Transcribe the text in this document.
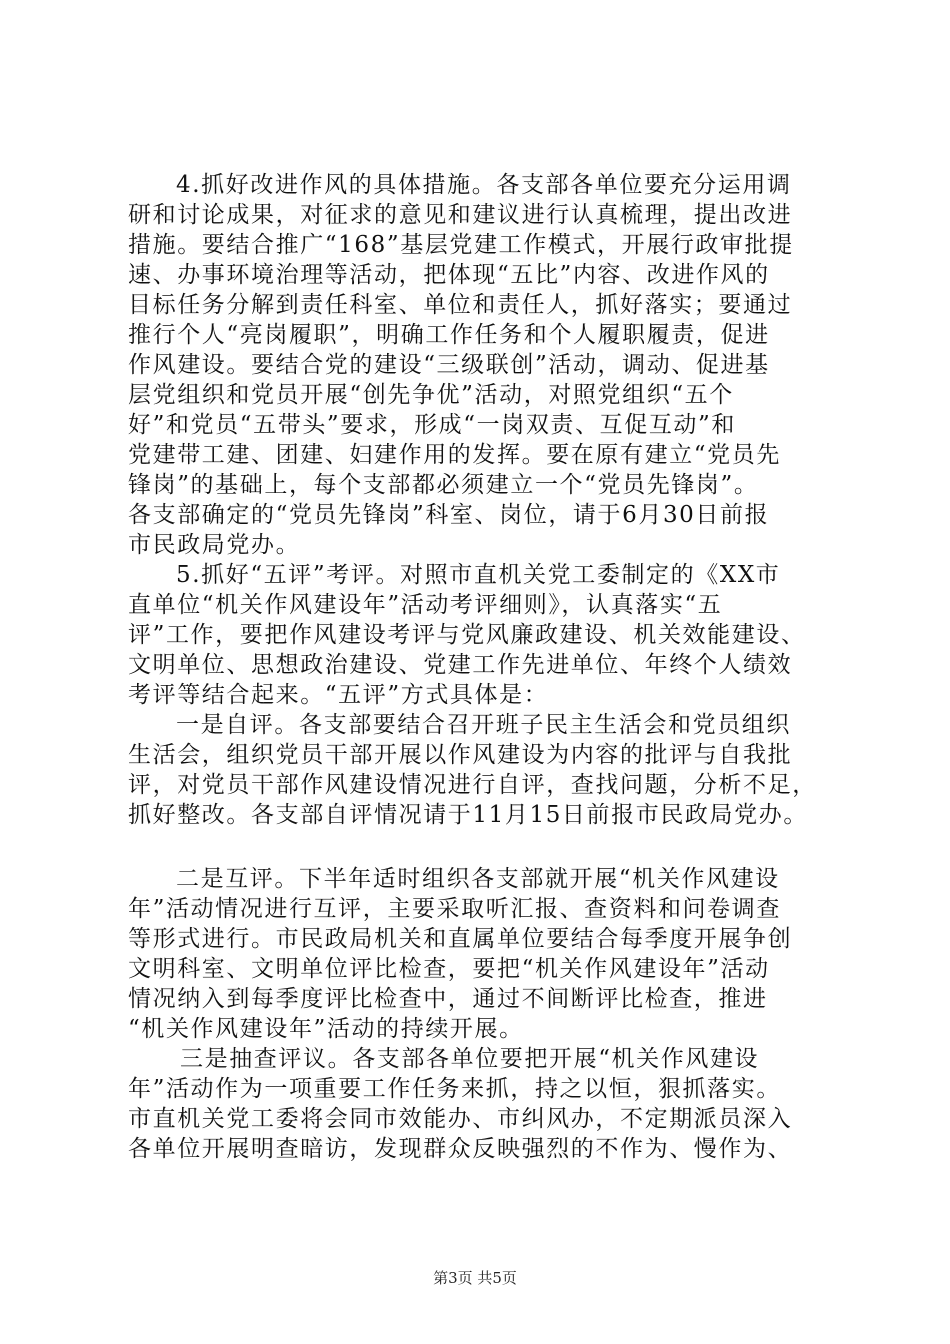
4.抓好改进作风的具体措施。各支部各单位要充分运用调
研和讨论成果，对征求的意见和建议进行认真梳理，提出改进
措施。要结合推广“168”基层党建工作模式，开展行政审批提
速、办事环境治理等活动，把体现“五比”内容、改进作风的
目标任务分解到责任科室、单位和责任人，抓好落实；要通过
推行个人“亮岗履职”，明确工作任务和个人履职履责，促进
作风建设。要结合党的建设“三级联创”活动，调动、促进基
层党组织和党员开展“创先争优”活动，对照党组织“五个
好”和党员“五带头”要求，形成“一岗双责、互促互动”和
党建带工建、团建、妇建作用的发挥。要在原有建立“党员先
锋岗”的基础上，每个支部都必须建立一个“党员先锋岗”。
各支部确定的“党员先锋岗”科室、岗位，请于6月30日前报
市民政局党办。
5.抓好“五评”考评。对照市直机关党工委制定的《XX市
直单位“机关作风建设年”活动考评细则》，认真落实“五
评”工作，要把作风建设考评与党风廉政建设、机关效能建设、
文明单位、思想政治建设、党建工作先进单位、年终个人绩效
考评等结合起来。“五评”方式具体是：
一是自评。各支部要结合召开班子民主生活会和党员组织
生活会，组织党员干部开展以作风建设为内容的批评与自我批
评，对党员干部作风建设情况进行自评，查找问题，分析不足，
抓好整改。各支部自评情况请于11月15日前报市民政局党办。
二是互评。下半年适时组织各支部就开展“机关作风建设
年”活动情况进行互评，主要采取听汇报、查资料和问卷调查
等形式进行。市民政局机关和直属单位要结合每季度开展争创
文明科室、文明单位评比检查，要把“机关作风建设年”活动
情况纳入到每季度评比检查中，通过不间断评比检查，推进
“机关作风建设年”活动的持续开展。
三是抽查评议。各支部各单位要把开展“机关作风建设
年”活动作为一项重要工作任务来抓，持之以恒，狠抓落实。
市直机关党工委将会同市效能办、市纠风办，不定期派员深入
各单位开展明查暗访，发现群众反映强烈的不作为、慢作为、
第3页 共5页
